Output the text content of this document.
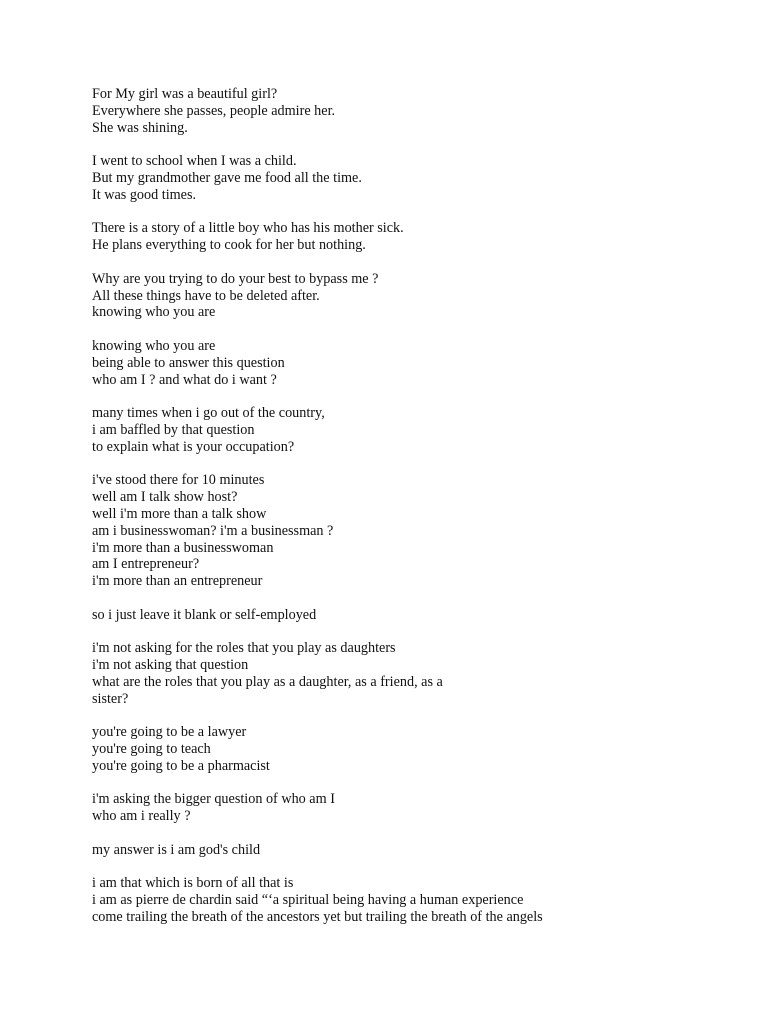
For My girl was a beautiful girl?
Everywhere she passes, people admire her.
She was shining.
I went to school when I was a child.
But my grandmother gave me food all the time.
It was good times.
There is a story of a little boy who has his mother sick.
He plans everything to cook for her but nothing.
Why are you trying to do your best to bypass me ?
All these things have to be deleted after.
knowing who you are
knowing who you are
being able to answer this question
who am I ? and what do i want ?
many times when i go out of the country,
i am baffled by that question
to explain what is your occupation?
i've stood there for 10 minutes
well am I talk show host?
well i'm more than a talk show
am i businesswoman? i'm a businessman ?
i'm more than a businesswoman
am I entrepreneur?
i'm more than an entrepreneur
so i just leave it blank or self-employed
i'm not asking for the roles that you play as daughters
i'm not asking that question
what are the roles that you play as a daughter, as a friend, as a
sister?
you're going to be a lawyer
you're going to teach
you're going to be a pharmacist
i'm asking the bigger question of who am I
who am i really ?
my answer is i am god's child
i am that which is born of all that is
i am as pierre de chardin said “‘a spiritual being having a human experience
come trailing the breath of the ancestors yet but trailing the breath of the angels
